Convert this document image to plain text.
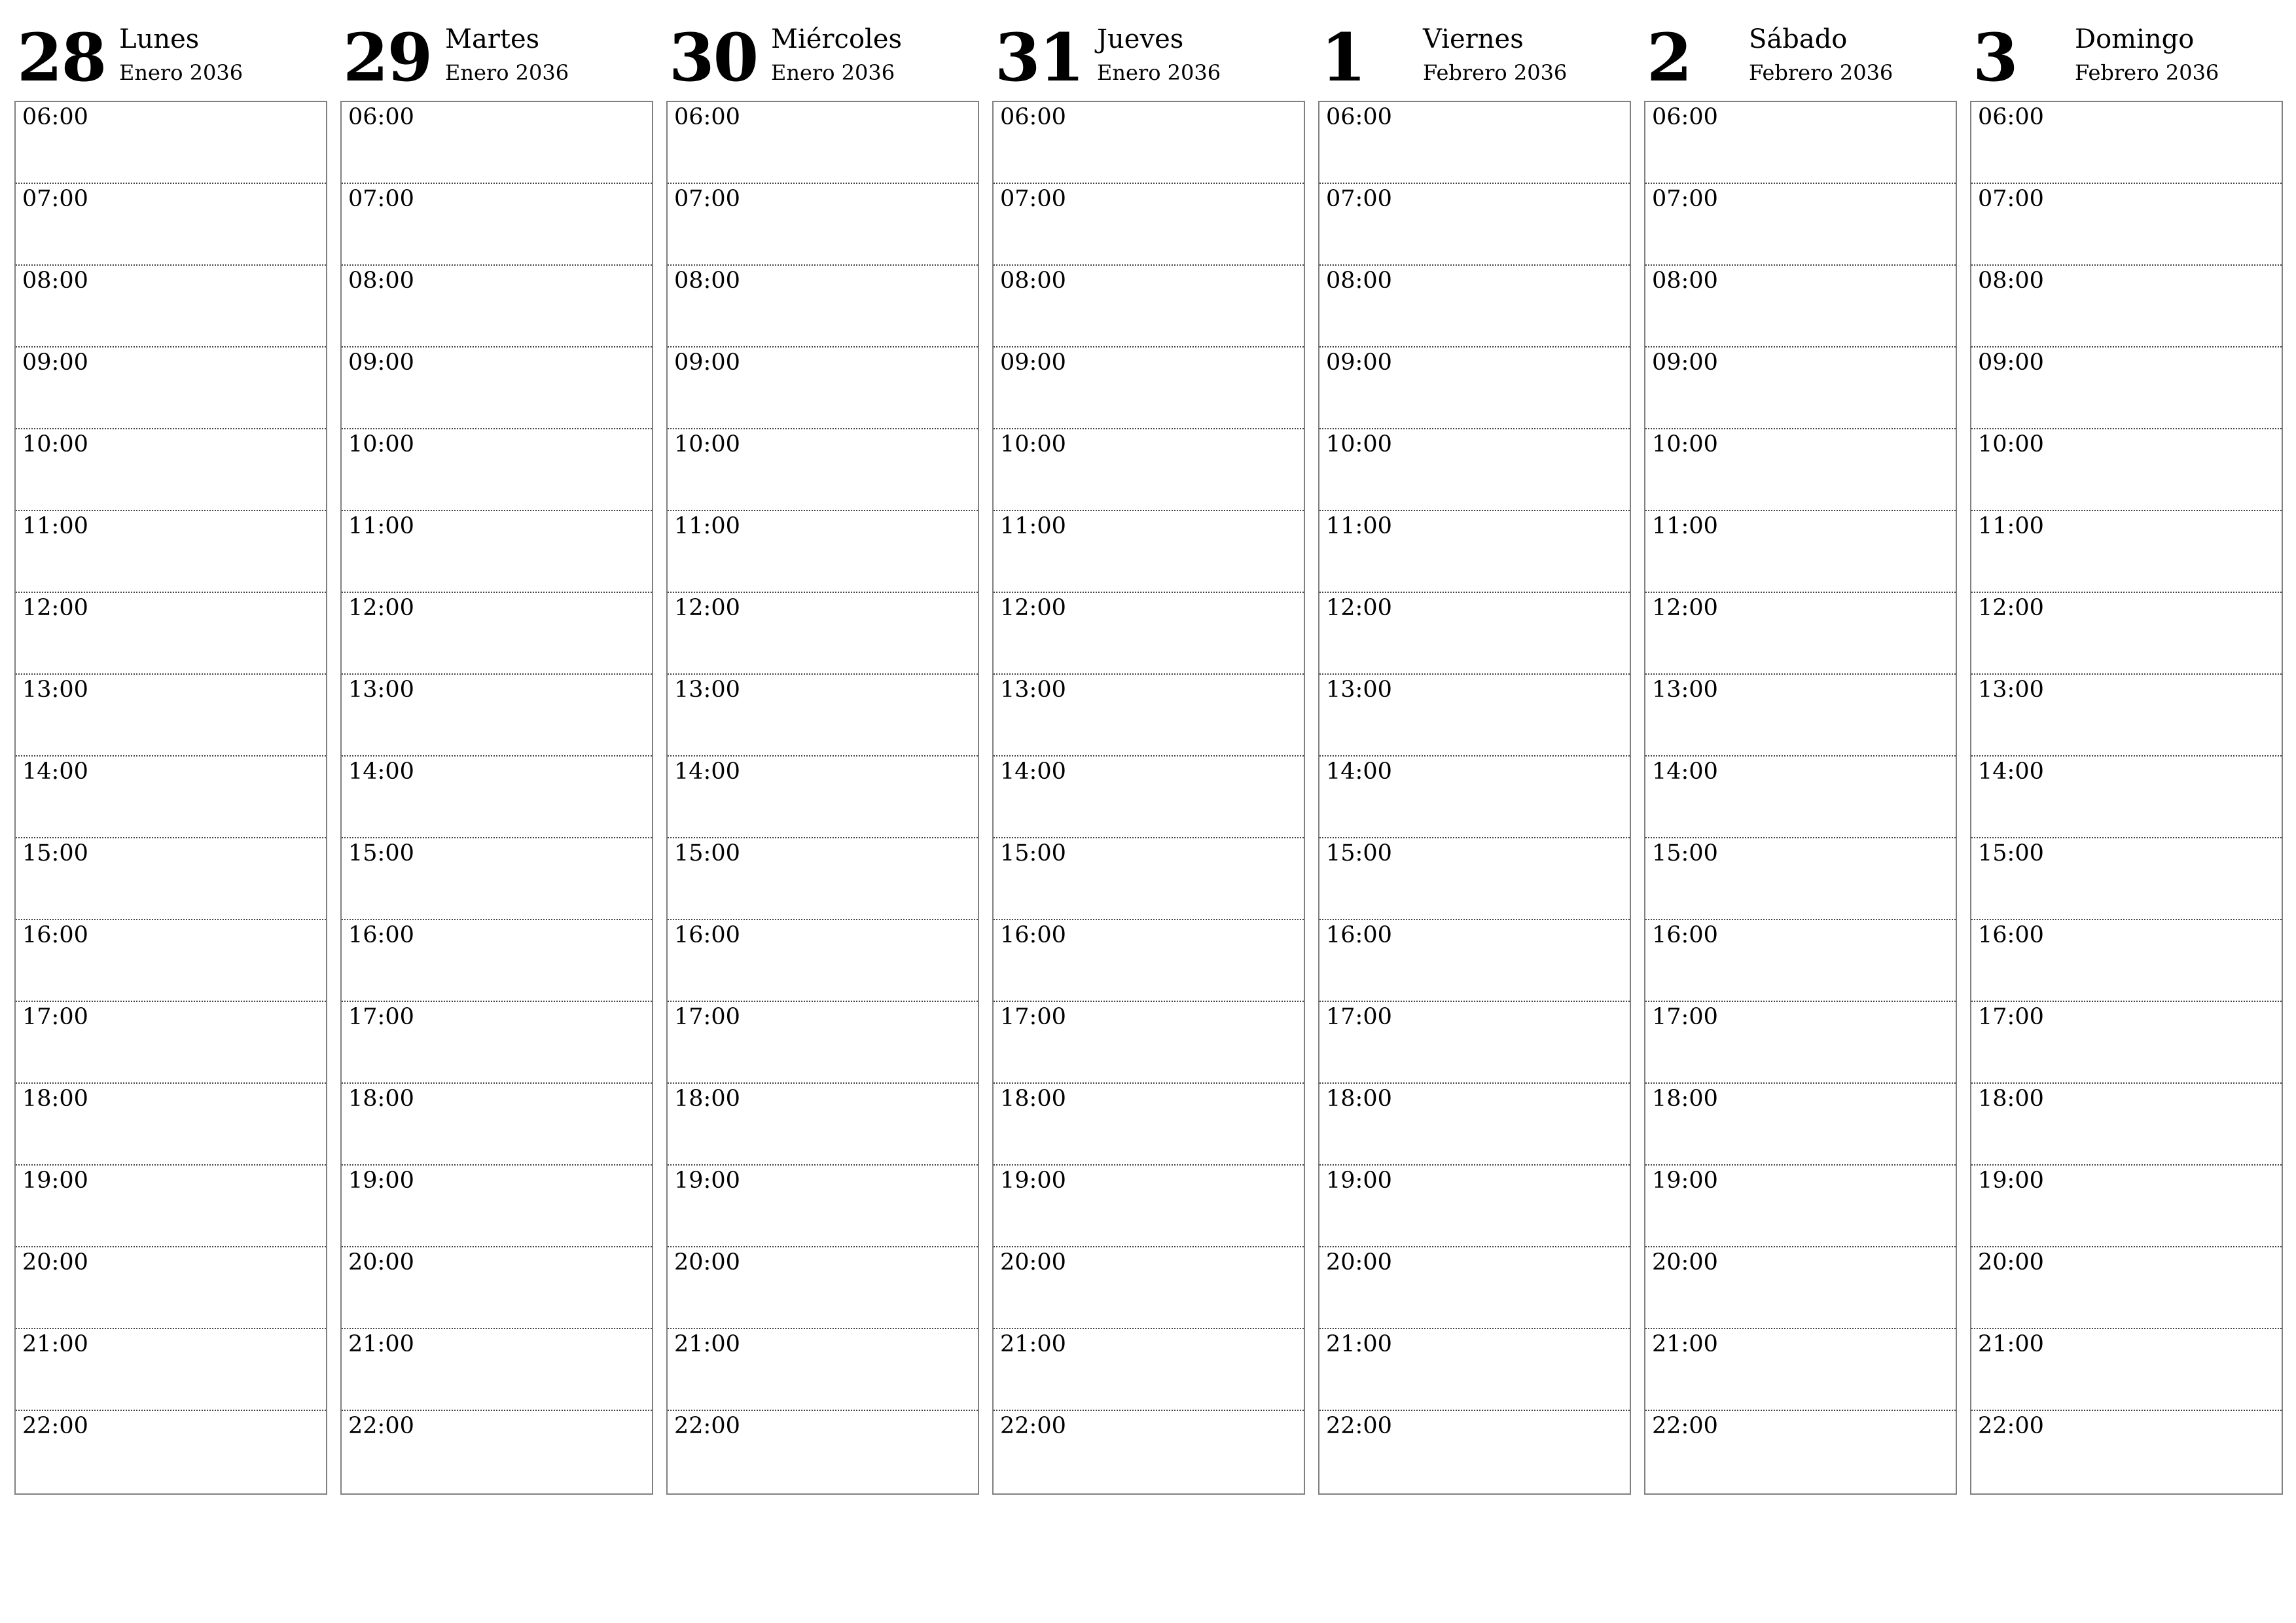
28 Lunes
Enero 2036
06:00
07:00
08:00
09:00
10:00
11:00
12:00
13:00
14:00
15:00
16:00
17:00
18:00
19:00
20:00
21:00
22:00
29 Martes
Enero 2036
06:00
07:00
08:00
09:00
10:00
11:00
12:00
13:00
14:00
15:00
16:00
17:00
18:00
19:00
20:00
21:00
22:00
30 Miércoles
Enero 2036
06:00
07:00
08:00
09:00
10:00
11:00
12:00
13:00
14:00
15:00
16:00
17:00
18:00
19:00
20:00
21:00
22:00
31 Jueves
Enero 2036
06:00
07:00
08:00
09:00
10:00
11:00
12:00
13:00
14:00
15:00
16:00
17:00
18:00
19:00
20:00
21:00
22:00
1 Viernes
Febrero 2036
06:00
07:00
08:00
09:00
10:00
11:00
12:00
13:00
14:00
15:00
16:00
17:00
18:00
19:00
20:00
21:00
22:00
2 Sábado
Febrero 2036
06:00
07:00
08:00
09:00
10:00
11:00
12:00
13:00
14:00
15:00
16:00
17:00
18:00
19:00
20:00
21:00
22:00
3 Domingo
Febrero 2036
06:00
07:00
08:00
09:00
10:00
11:00
12:00
13:00
14:00
15:00
16:00
17:00
18:00
19:00
20:00
21:00
22:00
